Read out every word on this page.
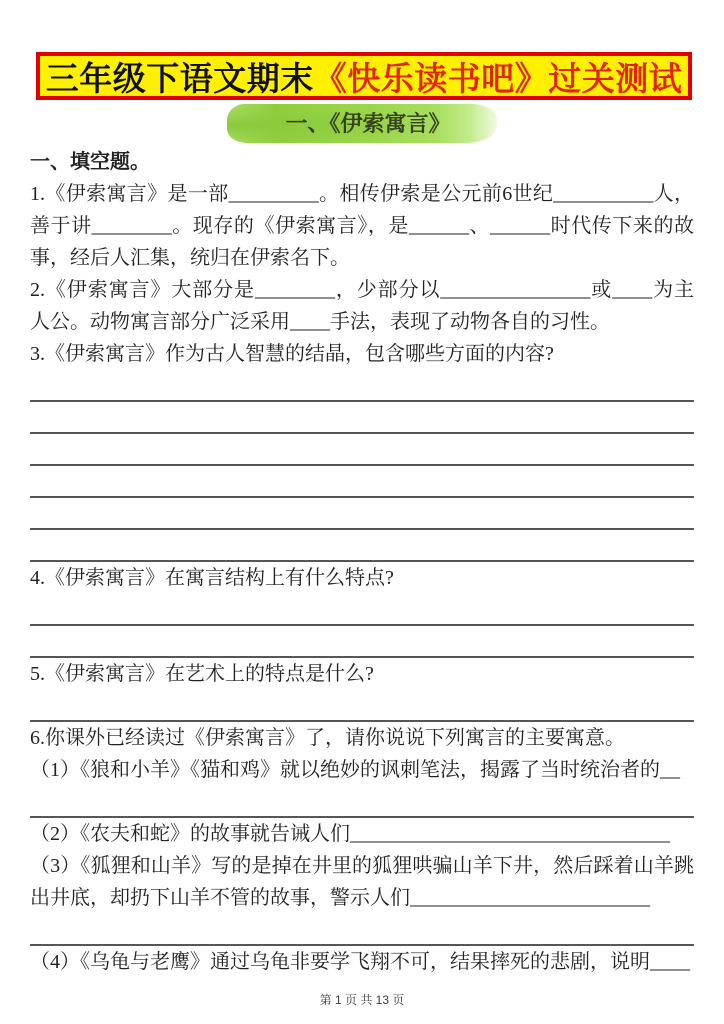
三年级下语文期末 《快乐读书吧》过关测试
一、《伊索寓言》
一、填空题。

1.《伊索寓言》是一部_________。相传伊索是公元前6世纪__________人，善于讲________。现存的《伊索寓言》，是______、______时代传下来的故事，经后人汇集，统归在伊索名下。

2.《伊索寓言》大部分是________，少部分以_______________或____为主人公。动物寓言部分广泛采用____手法，表现了动物各自的习性。

3.《伊索寓言》作为古人智慧的结晶，包含哪些方面的内容?

4.《伊索寓言》在寓言结构上有什么特点?

5.《伊索寓言》在艺术上的特点是什么?

6.你课外已经读过《伊索寓言》了，请你说说下列寓言的主要寓意。

（1）《狼和小羊》《猫和鸡》就以绝妙的讽刺笔法，揭露了当时统治者的__

（2）《农夫和蛇》的故事就告诫人们________________________________

（3）《狐狸和山羊》写的是掉在井里的狐狸哄骗山羊下井，然后踩着山羊跳出井底，却扔下山羊不管的故事，警示人们________________________

（4）《乌龟与老鹰》通过乌龟非要学飞翔不可，结果摔死的悲剧，说明____

第 1 页 共 13 页
